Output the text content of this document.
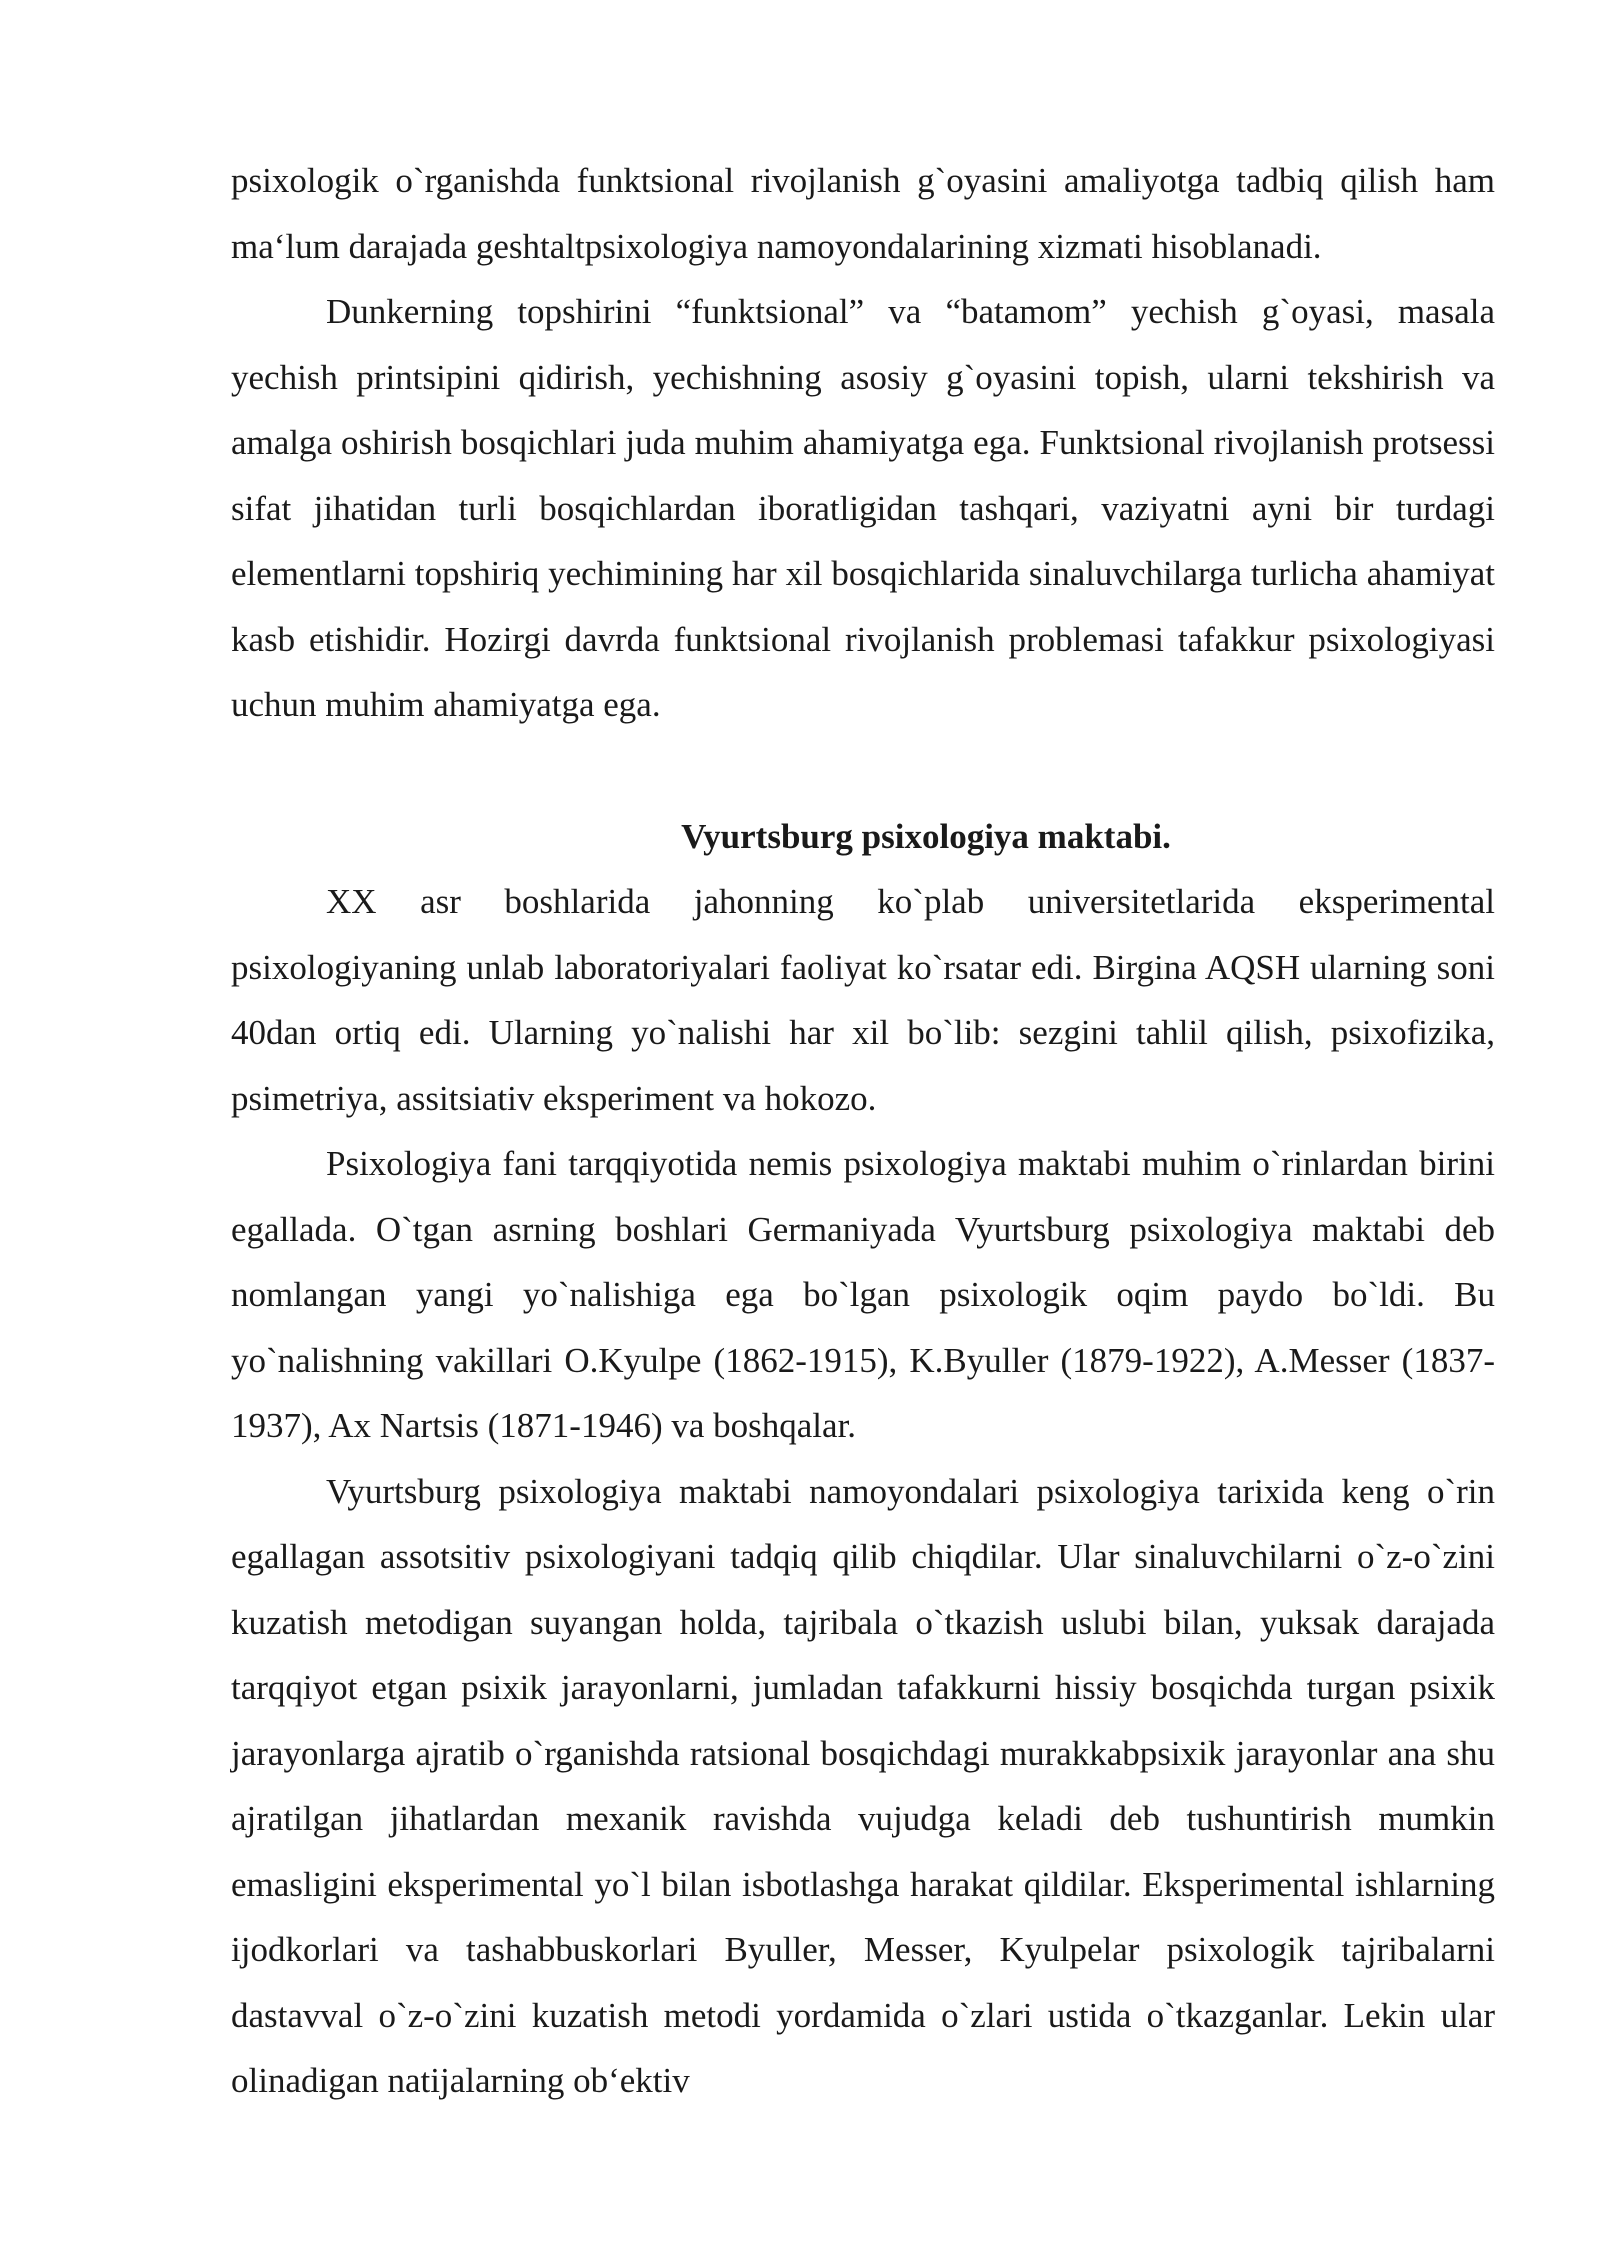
psixologik o`rganishda funktsional rivojlanish g`oyasini amaliyotga tadbiq qilish ham ma‘lum darajada geshtaltpsixologiya namoyondalarining xizmati hisoblanadi.

Dunkerning topshirini “funktsional” va “batamom” yechish g`oyasi, masala yechish printsipini qidirish, yechishning asosiy g`oyasini topish, ularni tekshirish va amalga oshirish bosqichlari juda muhim ahamiyatga ega. Funktsional rivojlanish protsessi sifat jihatidan turli bosqichlardan iboratligidan tashqari, vaziyatni ayni bir turdagi elementlarni topshiriq yechimining har xil bosqichlarida sinaluvchilarga turlicha ahamiyat kasb etishidir. Hozirgi davrda funktsional rivojlanish problemasi tafakkur psixologiyasi uchun muhim ahamiyatga ega.

Vyurtsburg psixologiya maktabi.

XX asr boshlarida jahonning ko`plab universitetlarida eksperimental psixologiyaning unlab laboratoriyalari faoliyat ko`rsatar edi. Birgina AQSH ularning soni 40dan ortiq edi. Ularning yo`nalishi har xil bo`lib: sezgini tahlil qilish, psixofizika, psimetriya, assitsiativ eksperiment va hokozo.

Psixologiya fani tarqqiyotida nemis psixologiya maktabi muhim o`rinlardan birini egallada. O`tgan asrning boshlari Germaniyada Vyurtsburg psixologiya maktabi deb nomlangan yangi yo`nalishiga ega bo`lgan psixologik oqim paydo bo`ldi. Bu yo`nalishning vakillari O.Kyulpe (1862-1915), K.Byuller (1879-1922), A.Messer (1837-1937), Ax Nartsis (1871-1946) va boshqalar.

Vyurtsburg psixologiya maktabi namoyondalari psixologiya tarixida keng o`rin egallagan assotsitiv psixologiyani tadqiq qilib chiqdilar. Ular sinaluvchilarni o`z-o`zini kuzatish metodigan suyangan holda, tajribala o`tkazish uslubi bilan, yuksak darajada tarqqiyot etgan psixik jarayonlarni, jumladan tafakkurni hissiy bosqichda turgan psixik jarayonlarga ajratib o`rganishda ratsional bosqichdagi murakkabpsixik jarayonlar ana shu ajratilgan jihatlardan mexanik ravishda vujudga keladi deb tushuntirish mumkin emasligini eksperimental yo`l bilan isbotlashga harakat qildilar. Eksperimental ishlarning ijodkorlari va tashabbuskorlari Byuller, Messer, Kyulpelar psixologik tajribalarni dastavval o`z-o`zini kuzatish metodi yordamida o`zlari ustida o`tkazganlar. Lekin ular olinadigan natijalarning ob‘ektiv
